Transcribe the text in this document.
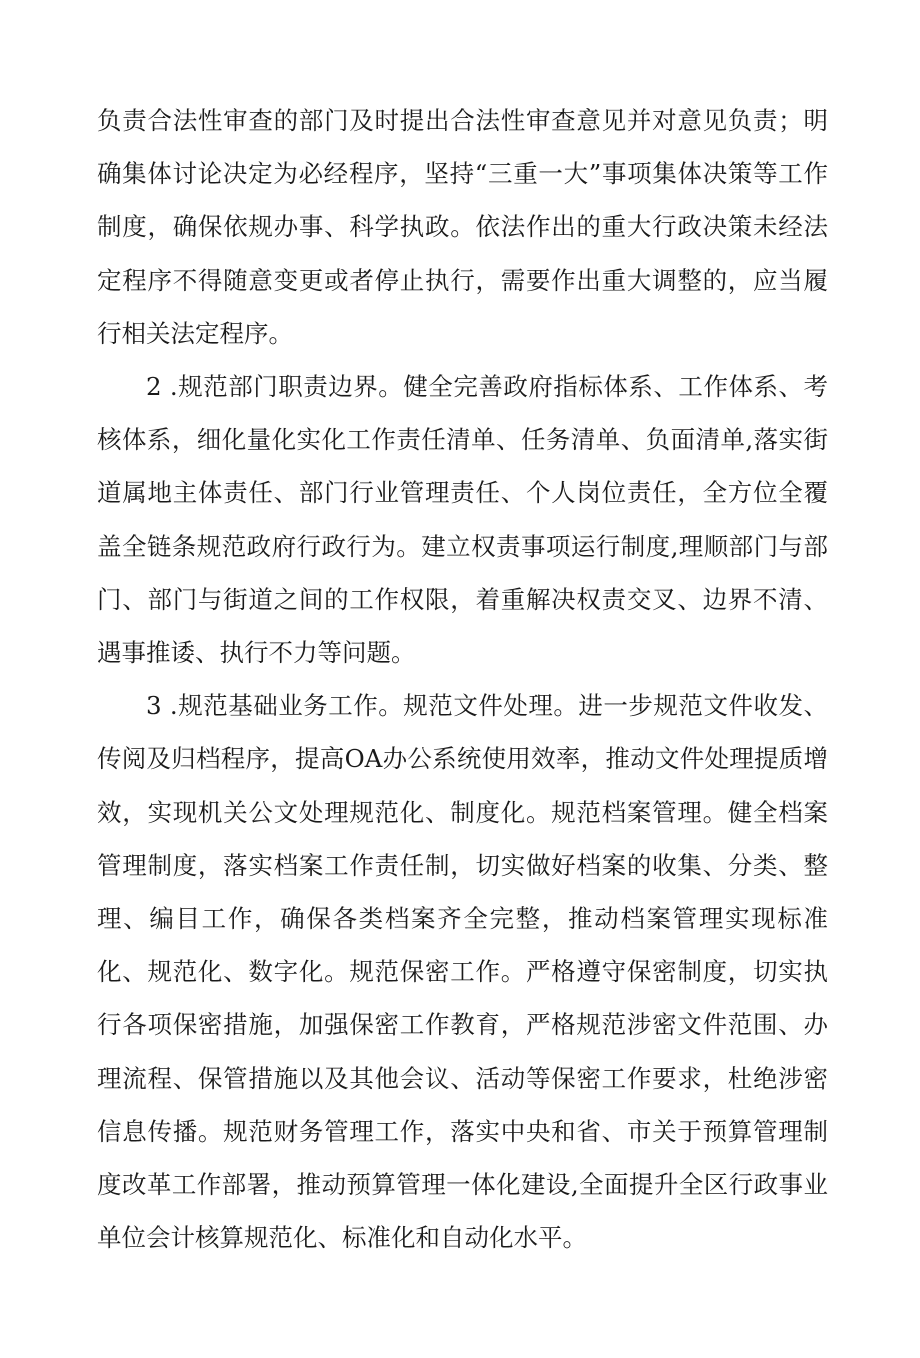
负责合法性审查的部门及时提出合法性审查意见并对意见负责；明确集体讨论决定为必经程序，坚持“三重一大”事项集体决策等工作制度，确保依规办事、科学执政。依法作出的重大行政决策未经法定程序不得随意变更或者停止执行，需要作出重大调整的，应当履行相关法定程序。

2 .规范部门职责边界。健全完善政府指标体系、工作体系、考核体系，细化量化实化工作责任清单、任务清单、负面清单,落实街道属地主体责任、部门行业管理责任、个人岗位责任，全方位全覆盖全链条规范政府行政行为。建立权责事项运行制度,理顺部门与部门、部门与街道之间的工作权限，着重解决权责交叉、边界不清、遇事推诿、执行不力等问题。

3 .规范基础业务工作。规范文件处理。进一步规范文件收发、传阅及归档程序，提高OA办公系统使用效率，推动文件处理提质增效，实现机关公文处理规范化、制度化。规范档案管理。健全档案管理制度，落实档案工作责任制，切实做好档案的收集、分类、整理、编目工作，确保各类档案齐全完整，推动档案管理实现标准化、规范化、数字化。规范保密工作。严格遵守保密制度，切实执行各项保密措施，加强保密工作教育，严格规范涉密文件范围、办理流程、保管措施以及其他会议、活动等保密工作要求，杜绝涉密信息传播。规范财务管理工作，落实中央和省、市关于预算管理制度改革工作部署，推动预算管理一体化建设,全面提升全区行政事业单位会计核算规范化、标准化和自动化水平。
